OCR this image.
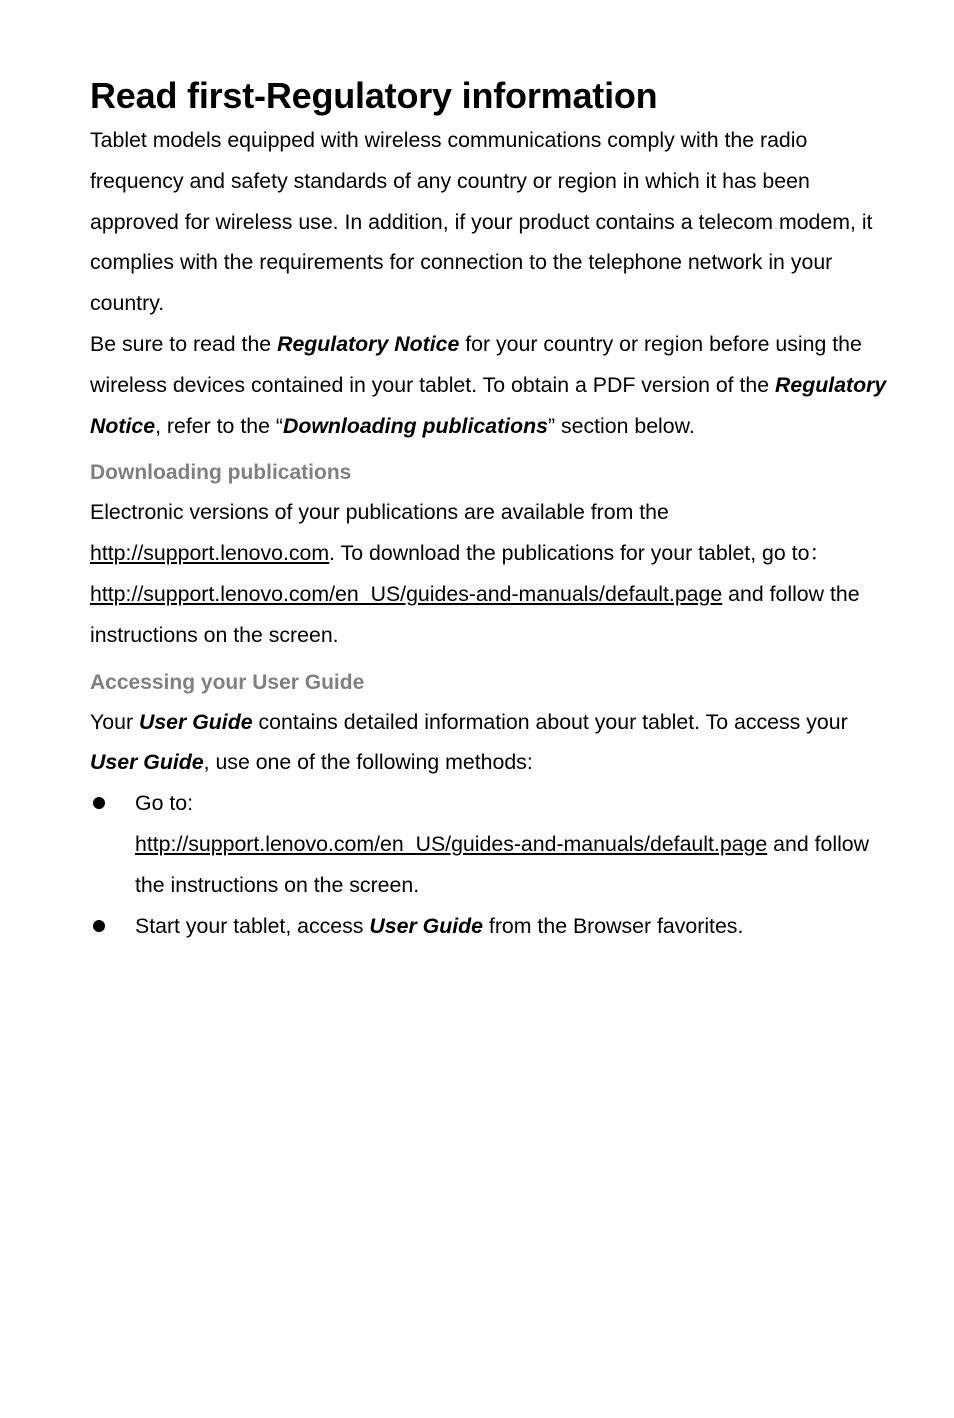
Read first-Regulatory information

Tablet models equipped with wireless communications comply with the radio frequency and safety standards of any country or region in which it has been approved for wireless use. In addition, if your product contains a telecom modem, it complies with the requirements for connection to the telephone network in your country.

Be sure to read the Regulatory Notice for your country or region before using the wireless devices contained in your tablet. To obtain a PDF version of the Regulatory Notice, refer to the “Downloading publications” section below.

Downloading publications

Electronic versions of your publications are available from the http://support.lenovo.com. To download the publications for your tablet, go to：http://support.lenovo.com/en_US/guides-and-manuals/default.page and follow the instructions on the screen.

Accessing your User Guide

Your User Guide contains detailed information about your tablet. To access your User Guide, use one of the following methods:

Go to:
http://support.lenovo.com/en_US/guides-and-manuals/default.page and follow the instructions on the screen.
Start your tablet, access User Guide from the Browser favorites.
